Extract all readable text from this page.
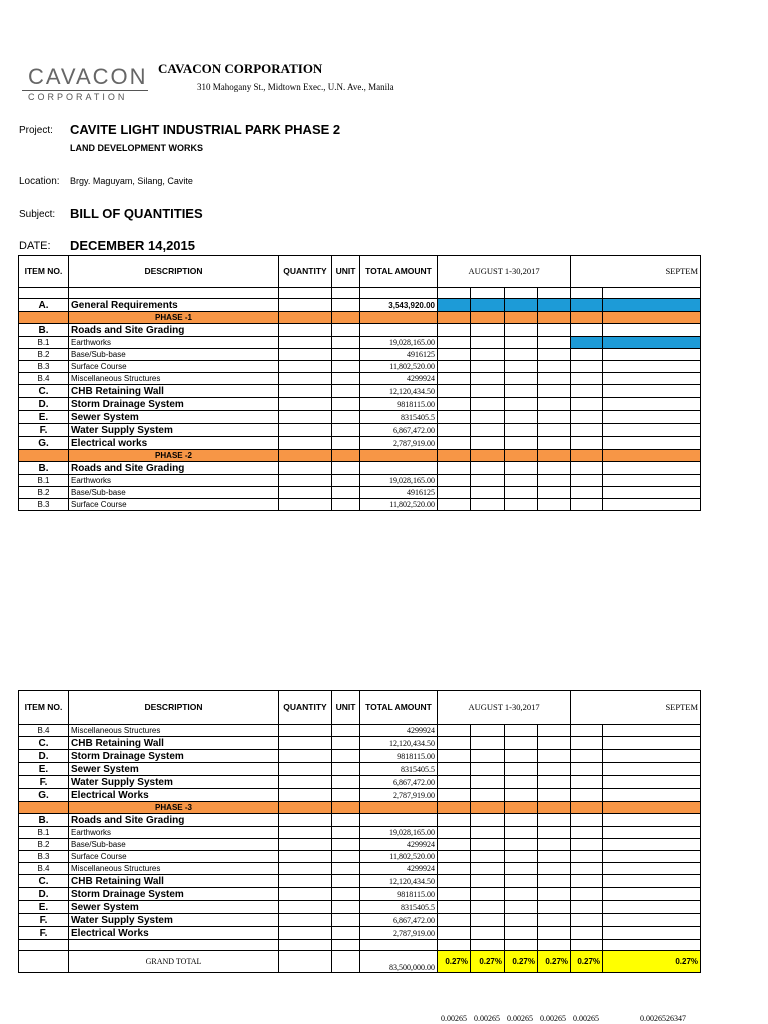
CAVACON
CORPORATION
CAVACON CORPORATION
310 Mahogany St., Midtown Exec., U.N. Ave., Manila
Project: CAVITE LIGHT INDUSTRIAL PARK PHASE 2
LAND DEVELOPMENT WORKS
Location: Brgy. Maguyam, Silang, Cavite
Subject: BILL OF QUANTITIES
DATE: DECEMBER 14,2015
ITEM NO.	DESCRIPTION	QUANTITY	UNIT	TOTAL AMOUNT	AUGUST 1-30,2017				SEPTEM	

A.	General Requirements			3,543,920.00						
	PHASE -1									
B.	Roads and Site Grading									
B.1	Earthworks			19,028,165.00						
B.2	Base/Sub-base			4916125						
B.3	Surface Course			11,802,520.00						
B.4	Miscellaneous Structures			4299924						
C.	CHB Retaining Wall			12,120,434.50						
D.	Storm Drainage System			9818115.00						
E.	Sewer System			8315405.5						
F.	Water Supply System			6,867,472.00						
G.	Electrical works			2,787,919.00						
	PHASE -2									
B.	Roads and Site Grading									
B.1	Earthworks			19,028,165.00						
B.2	Base/Sub-base			4916125						
B.3	Surface Course			11,802,520.00						
ITEM NO.	DESCRIPTION	QUANTITY	UNIT	TOTAL AMOUNT	AUGUST 1-30,2017				SEPTEM	
B.4	Miscellaneous Structures			4299924						
C.	CHB Retaining Wall			12,120,434.50						
D.	Storm Drainage System			9818115.00						
E.	Sewer System			8315405.5						
F.	Water Supply System			6,867,472.00						
G.	Electrical Works			2,787,919.00						
	PHASE -3									
B.	Roads and Site Grading									
B.1	Earthworks			19,028,165.00						
B.2	Base/Sub-base			4299924						
B.3	Surface Course			11,802,520.00						
B.4	Miscellaneous Structures			4299924						
C.	CHB Retaining Wall			12,120,434.50						
D.	Storm Drainage System			9818115.00						
E.	Sewer System			8315405.5						
F.	Water Supply System			6,867,472.00						
F.	Electrical Works			2,787,919.00						

	GRAND TOTAL			83,500,000.00	0.27%	0.27%	0.27%	0.27%	0.27%	0.27%
0.00265 0.00265 0.00265 0.00265 0.00265	0.0026526347
